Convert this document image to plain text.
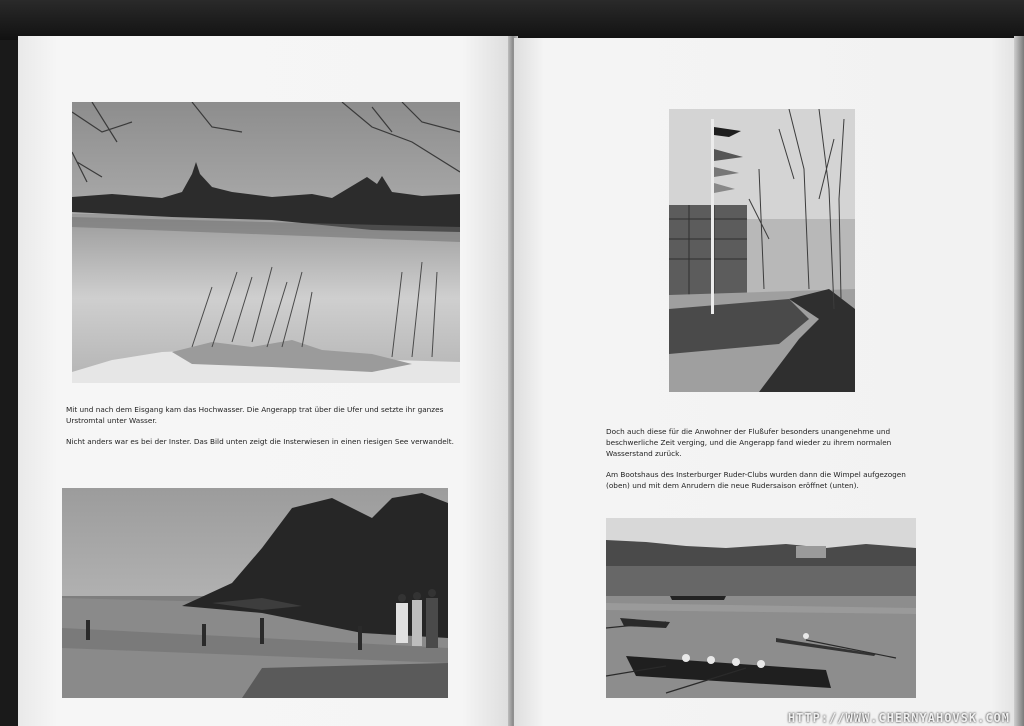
Mit und nach dem Eisgang kam das Hochwasser. Die Angerapp trat über die Ufer und setzte ihr ganzes Urstromtal unter Wasser.

Nicht anders war es bei der Inster. Das Bild unten zeigt die Insterwiesen in einen riesigen See verwandelt.

Doch auch diese für die Anwohner der Flußufer besonders unangenehme und beschwerliche Zeit verging, und die Angerapp fand wieder zu ihrem normalen Wasserstand zurück.

Am Bootshaus des Insterburger Ruder-Clubs wurden dann die Wimpel aufgezogen (oben) und mit dem Anrudern die neue Rudersaison eröffnet (unten).

HTTP://WWW.CHERNYAHOVSK.COM
